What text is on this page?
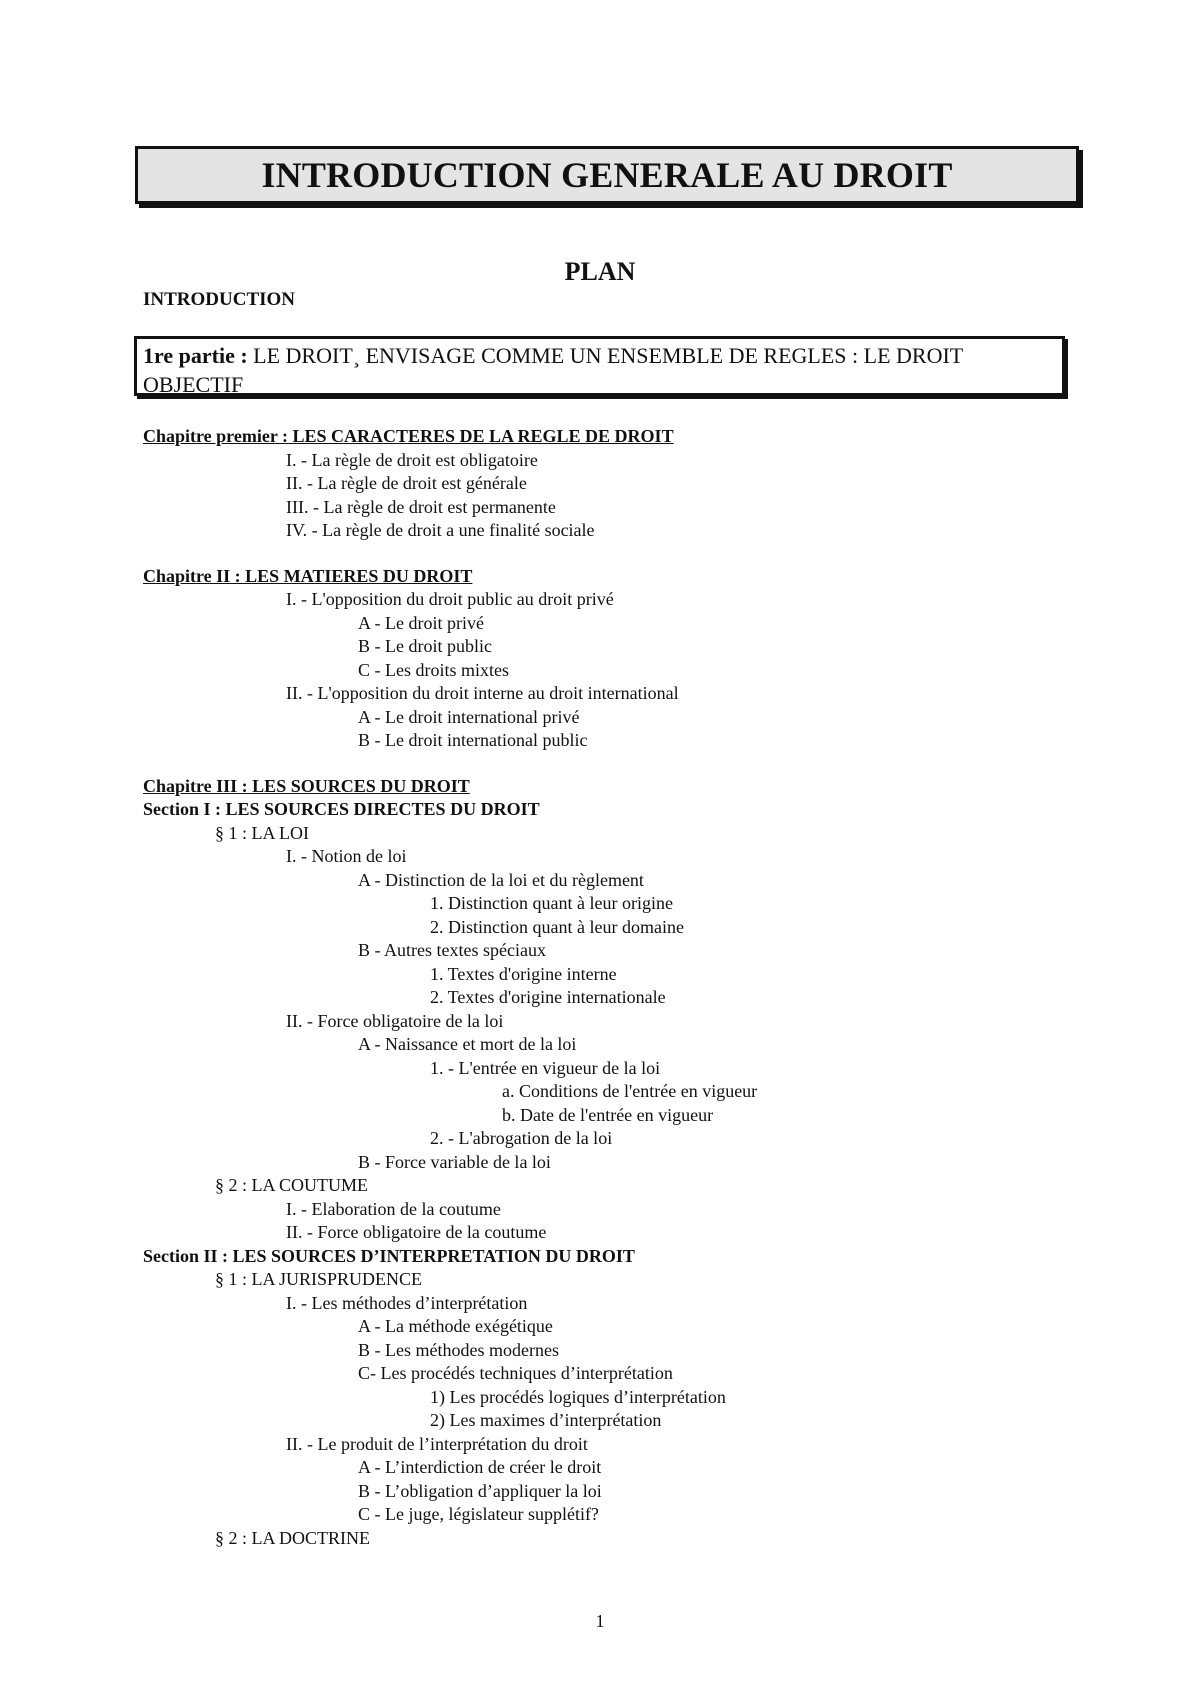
INTRODUCTION GENERALE AU DROIT
PLAN
INTRODUCTION
1re partie : LE DROIT¸ ENVISAGE COMME UN ENSEMBLE DE REGLES : LE DROIT OBJECTIF
Chapitre premier : LES CARACTERES DE LA REGLE DE DROIT
I. - La règle de droit est obligatoire
II. - La règle de droit est générale
III. - La règle de droit est permanente
IV. - La règle de droit a une finalité sociale
Chapitre II : LES MATIERES DU DROIT
I. - L'opposition du droit public au droit privé
A - Le droit privé
B - Le droit public
C - Les droits mixtes
II. - L'opposition du droit interne au droit international
A - Le droit international privé
B - Le droit international public
Chapitre III : LES SOURCES DU DROIT
Section I : LES SOURCES DIRECTES DU DROIT
§ 1 : LA LOI
I. - Notion de loi
A - Distinction de la loi et du règlement
1. Distinction quant à leur origine
2. Distinction quant à leur domaine
B - Autres textes spéciaux
1. Textes d'origine interne
2. Textes d'origine internationale
II. - Force obligatoire de la loi
A - Naissance et mort de la loi
1. - L'entrée en vigueur de la loi
a. Conditions de l'entrée en vigueur
b. Date de l'entrée en vigueur
2. - L'abrogation de la loi
B - Force variable de la loi
§ 2 : LA COUTUME
I. - Elaboration de la coutume
II. - Force obligatoire de la coutume
Section II : LES SOURCES D’INTERPRETATION DU DROIT
§ 1 : LA JURISPRUDENCE
I. - Les méthodes d’interprétation
A - La méthode exégétique
B - Les méthodes modernes
C- Les procédés techniques d’interprétation
1) Les procédés logiques d’interprétation
2) Les maximes d’interprétation
II. - Le produit de l’interprétation du droit
A - L’interdiction de créer le droit
B - L’obligation d’appliquer la loi
C - Le juge, législateur supplétif?
§ 2 : LA DOCTRINE
1
